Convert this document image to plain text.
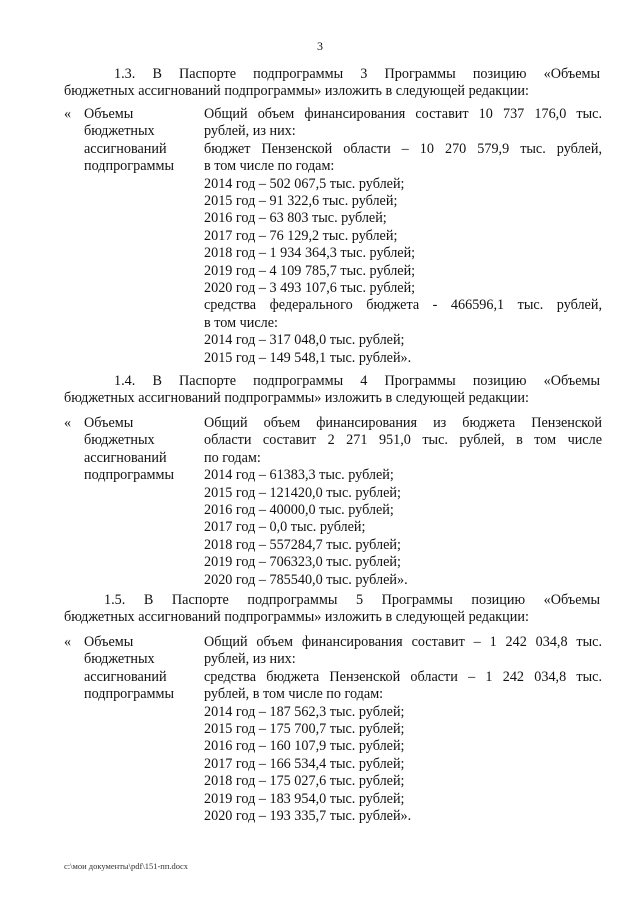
3
1.3. В Паспорте подпрограммы 3 Программы позицию «Объемы
бюджетных ассигнований подпрограммы» изложить в следующей редакции:
« Объемы
бюджетных
ассигнований
подпрограммы
Общий объем финансирования составит 10 737 176,0 тыс.
рублей, из них:
бюджет Пензенской области – 10 270 579,9 тыс. рублей,
в том числе по годам:
2014 год – 502 067,5 тыс. рублей;
2015 год – 91 322,6 тыс. рублей;
2016 год – 63 803 тыс. рублей;
2017 год – 76 129,2 тыс. рублей;
2018 год – 1 934 364,3 тыс. рублей;
2019 год – 4 109 785,7 тыс. рублей;
2020 год – 3 493 107,6 тыс. рублей;
средства федерального бюджета - 466596,1 тыс. рублей,
в том числе:
2014 год – 317 048,0 тыс. рублей;
2015 год – 149 548,1 тыс. рублей».
1.4. В Паспорте подпрограммы 4 Программы позицию «Объемы
бюджетных ассигнований подпрограммы» изложить в следующей редакции:
« Объемы
бюджетных
ассигнований
подпрограммы
Общий объем финансирования из бюджета Пензенской
области составит 2 271 951,0 тыс. рублей, в том числе
по годам:
2014 год – 61383,3 тыс. рублей;
2015 год – 121420,0 тыс. рублей;
2016 год – 40000,0 тыс. рублей;
2017 год – 0,0 тыс. рублей;
2018 год – 557284,7 тыс. рублей;
2019 год – 706323,0 тыс. рублей;
2020 год – 785540,0 тыс. рублей».
1.5. В Паспорте подпрограммы 5 Программы позицию «Объемы
бюджетных ассигнований подпрограммы» изложить в следующей редакции:
« Объемы
бюджетных
ассигнований
подпрограммы
Общий объем финансирования составит – 1 242 034,8 тыс.
рублей, из них:
средства бюджета Пензенской области – 1 242 034,8 тыс.
рублей, в том числе по годам:
2014 год – 187 562,3 тыс. рублей;
2015 год – 175 700,7 тыс. рублей;
2016 год – 160 107,9 тыс. рублей;
2017 год – 166 534,4 тыс. рублей;
2018 год – 175 027,6 тыс. рублей;
2019 год – 183 954,0 тыс. рублей;
2020 год – 193 335,7 тыс. рублей».
c:\мои документы\pdf\151-пп.docx
